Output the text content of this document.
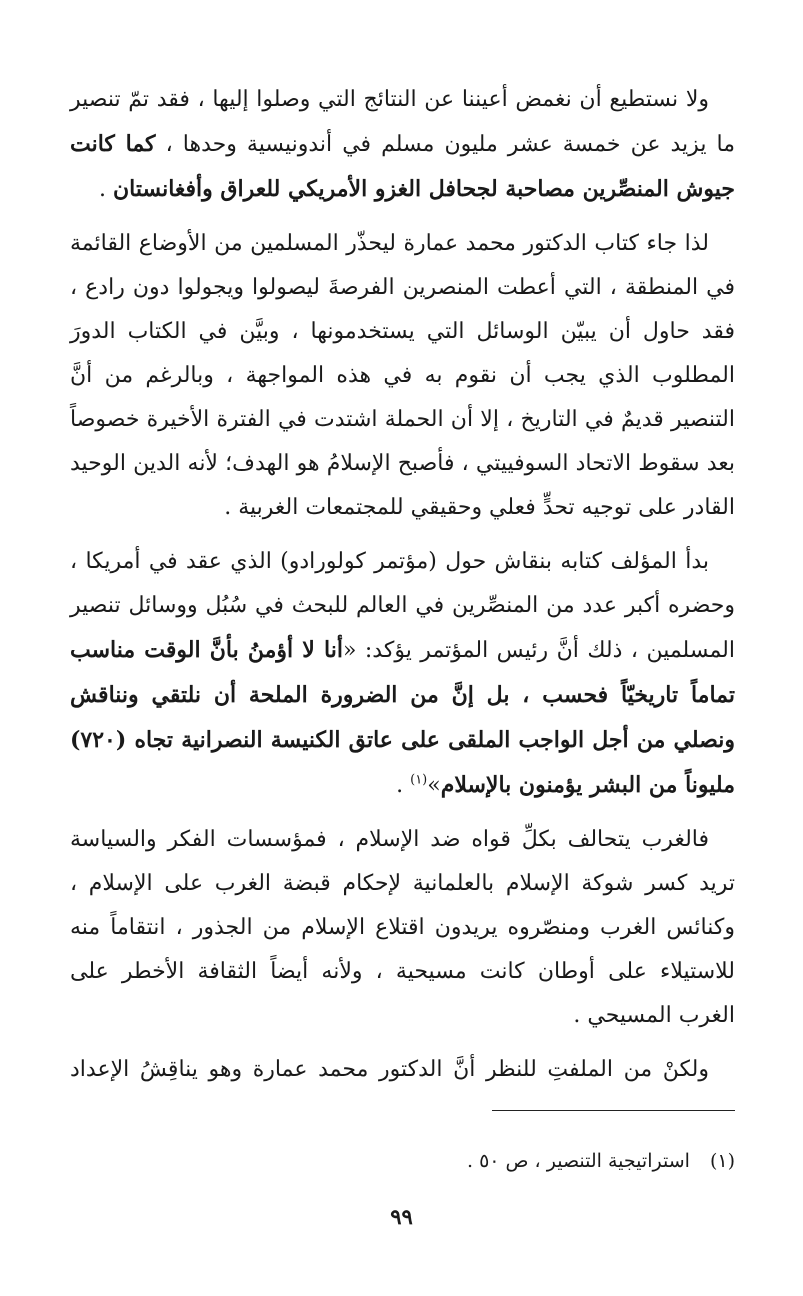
ولا نستطيع أن نغمض أعيننا عن النتائج التي وصلوا إليها ، فقد تمّ تنصير ما يزيد عن خمسة عشر مليون مسلم في أندونيسية وحدها ، كما كانت جيوش المنصِّرين مصاحبة لجحافل الغزو الأمريكي للعراق وأفغانستان .

لذا جاء كتاب الدكتور محمد عمارة ليحذّر المسلمين من الأوضاع القائمة في المنطقة ، التي أعطت المنصرين الفرصةَ ليصولوا ويجولوا دون رادع ، فقد حاول أن يبيّن الوسائل التي يستخدمونها ، وبيَّن في الكتاب الدورَ المطلوب الذي يجب أن نقوم به في هذه المواجهة ، وبالرغم من أنَّ التنصير قديمٌ في التاريخ ، إلا أن الحملة اشتدت في الفترة الأخيرة خصوصاً بعد سقوط الاتحاد السوفييتي ، فأصبح الإسلامُ هو الهدف؛ لأنه الدين الوحيد القادر على توجيه تحدٍّ فعلي وحقيقي للمجتمعات الغربية .

بدأ المؤلف كتابه بنقاش حول (مؤتمر كولورادو) الذي عقد في أمريكا ، وحضره أكبر عدد من المنصِّرين في العالم للبحث في سُبُل ووسائل تنصير المسلمين ، ذلك أنَّ رئيس المؤتمر يؤكد: «أنا لا أؤمنُ بأنَّ الوقت مناسب تماماً تاريخيّاً فحسب ، بل إنَّ من الضرورة الملحة أن نلتقي ونناقش ونصلي من أجل الواجب الملقى على عاتق الكنيسة النصرانية تجاه (٧٢٠) مليوناً من البشر يؤمنون بالإسلام»$^{(١)}$ .

فالغرب يتحالف بكلِّ قواه ضد الإسلام ، فمؤسسات الفكر والسياسة تريد كسر شوكة الإسلام بالعلمانية لإحكام قبضة الغرب على الإسلام ، وكنائس الغرب ومنصّروه يريدون اقتلاع الإسلام من الجذور ، انتقاماً منه للاستيلاء على أوطان كانت مسيحية ، ولأنه أيضاً الثقافة الأخطر على الغرب المسيحي .

ولكنْ من الملفتِ للنظر أنَّ الدكتور محمد عمارة وهو يناقِشُ الإعداد

(١) استراتيجية التنصير ، ص ٥٠ .
٩٩
